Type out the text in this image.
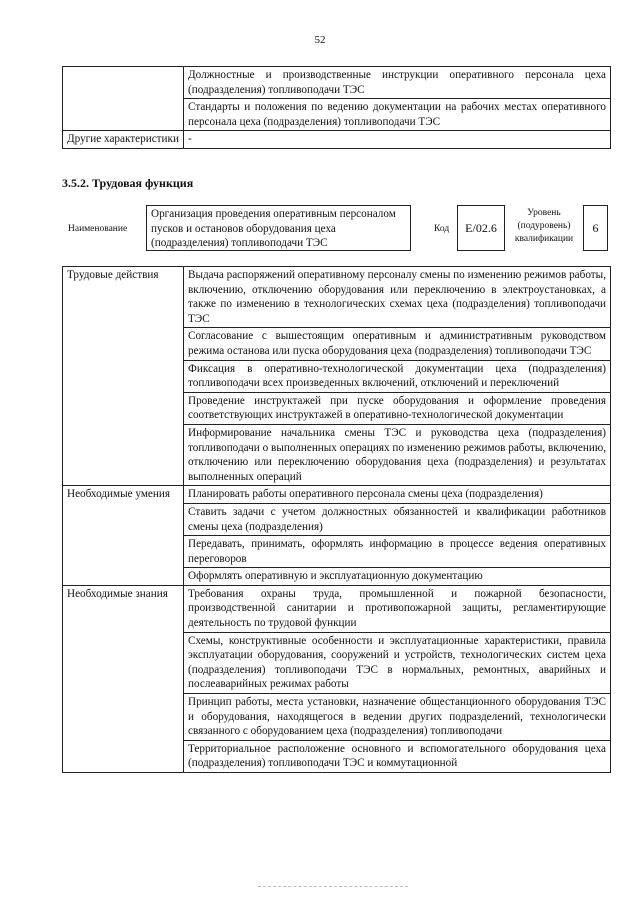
52
	Должностные и производственные инструкции оперативного персонала цеха (подразделения) топливоподачи ТЭС
	Стандарты и положения по ведению документации на рабочих местах оперативного персонала цеха (подразделения) топливоподачи ТЭС
Другие характеристики	-
3.5.2. Трудовая функция
Наименование
Организация проведения оперативным персоналом пусков и остановов оборудования цеха (подразделения) топливоподачи ТЭС
Код	E/02.6
Уровень (подуровень) квалификации
6
Трудовые действия	Выдача распоряжений оперативному персоналу смены по изменению режимов работы, включению, отключению оборудования или переключению в электроустановках, а также по изменению в технологических схемах цеха (подразделения) топливоподачи ТЭС
	Согласование с вышестоящим оперативным и административным руководством режима останова или пуска оборудования цеха (подразделения) топливоподачи ТЭС
	Фиксация в оперативно-технологической документации цеха (подразделения) топливоподачи всех произведенных включений, отключений и переключений
	Проведение инструктажей при пуске оборудования и оформление проведения соответствующих инструктажей в оперативно-технологической документации
	Информирование начальника смены ТЭС и руководства цеха (подразделения) топливоподачи о выполненных операциях по изменению режимов работы, включению, отключению или переключению оборудования цеха (подразделения) и результатах выполненных операций
Необходимые умения	Планировать работы оперативного персонала смены цеха (подразделения)
	Ставить задачи с учетом должностных обязанностей и квалификации работников смены цеха (подразделения)
	Передавать, принимать, оформлять информацию в процессе ведения оперативных переговоров
	Оформлять оперативную и эксплуатационную документацию
Необходимые знания	Требования охраны труда, промышленной и пожарной безопасности, производственной санитарии и противопожарной защиты, регламентирующие деятельность по трудовой функции
	Схемы, конструктивные особенности и эксплуатационные характеристики, правила эксплуатации оборудования, сооружений и устройств, технологических систем цеха (подразделения) топливоподачи ТЭС в нормальных, ремонтных, аварийных и послеаварийных режимах работы
	Принцип работы, места установки, назначение общестанционного оборудования ТЭС и оборудования, находящегося в ведении других подразделений, технологически связанного с оборудованием цеха (подразделения) топливоподачи
	Территориальное расположение основного и вспомогательного оборудования цеха (подразделения) топливоподачи ТЭС и коммутационной
